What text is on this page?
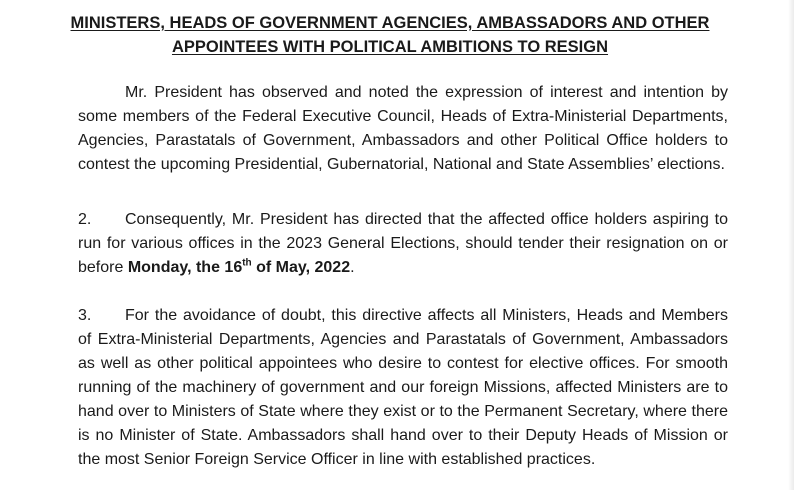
MINISTERS, HEADS OF GOVERNMENT AGENCIES, AMBASSADORS AND OTHER
APPOINTEES WITH POLITICAL AMBITIONS TO RESIGN

Mr. President has observed and noted the expression of interest and intention by some members of the Federal Executive Council, Heads of Extra-Ministerial Departments, Agencies, Parastatals of Government, Ambassadors and other Political Office holders to contest the upcoming Presidential, Gubernatorial, National and State Assemblies’ elections.

2. Consequently, Mr. President has directed that the affected office holders aspiring to run for various offices in the 2023 General Elections, should tender their resignation on or before Monday, the 16th of May, 2022.

3. For the avoidance of doubt, this directive affects all Ministers, Heads and Members of Extra-Ministerial Departments, Agencies and Parastatals of Government, Ambassadors as well as other political appointees who desire to contest for elective offices. For smooth running of the machinery of government and our foreign Missions, affected Ministers are to hand over to Ministers of State where they exist or to the Permanent Secretary, where there is no Minister of State. Ambassadors shall hand over to their Deputy Heads of Mission or the most Senior Foreign Service Officer in line with established practices.
